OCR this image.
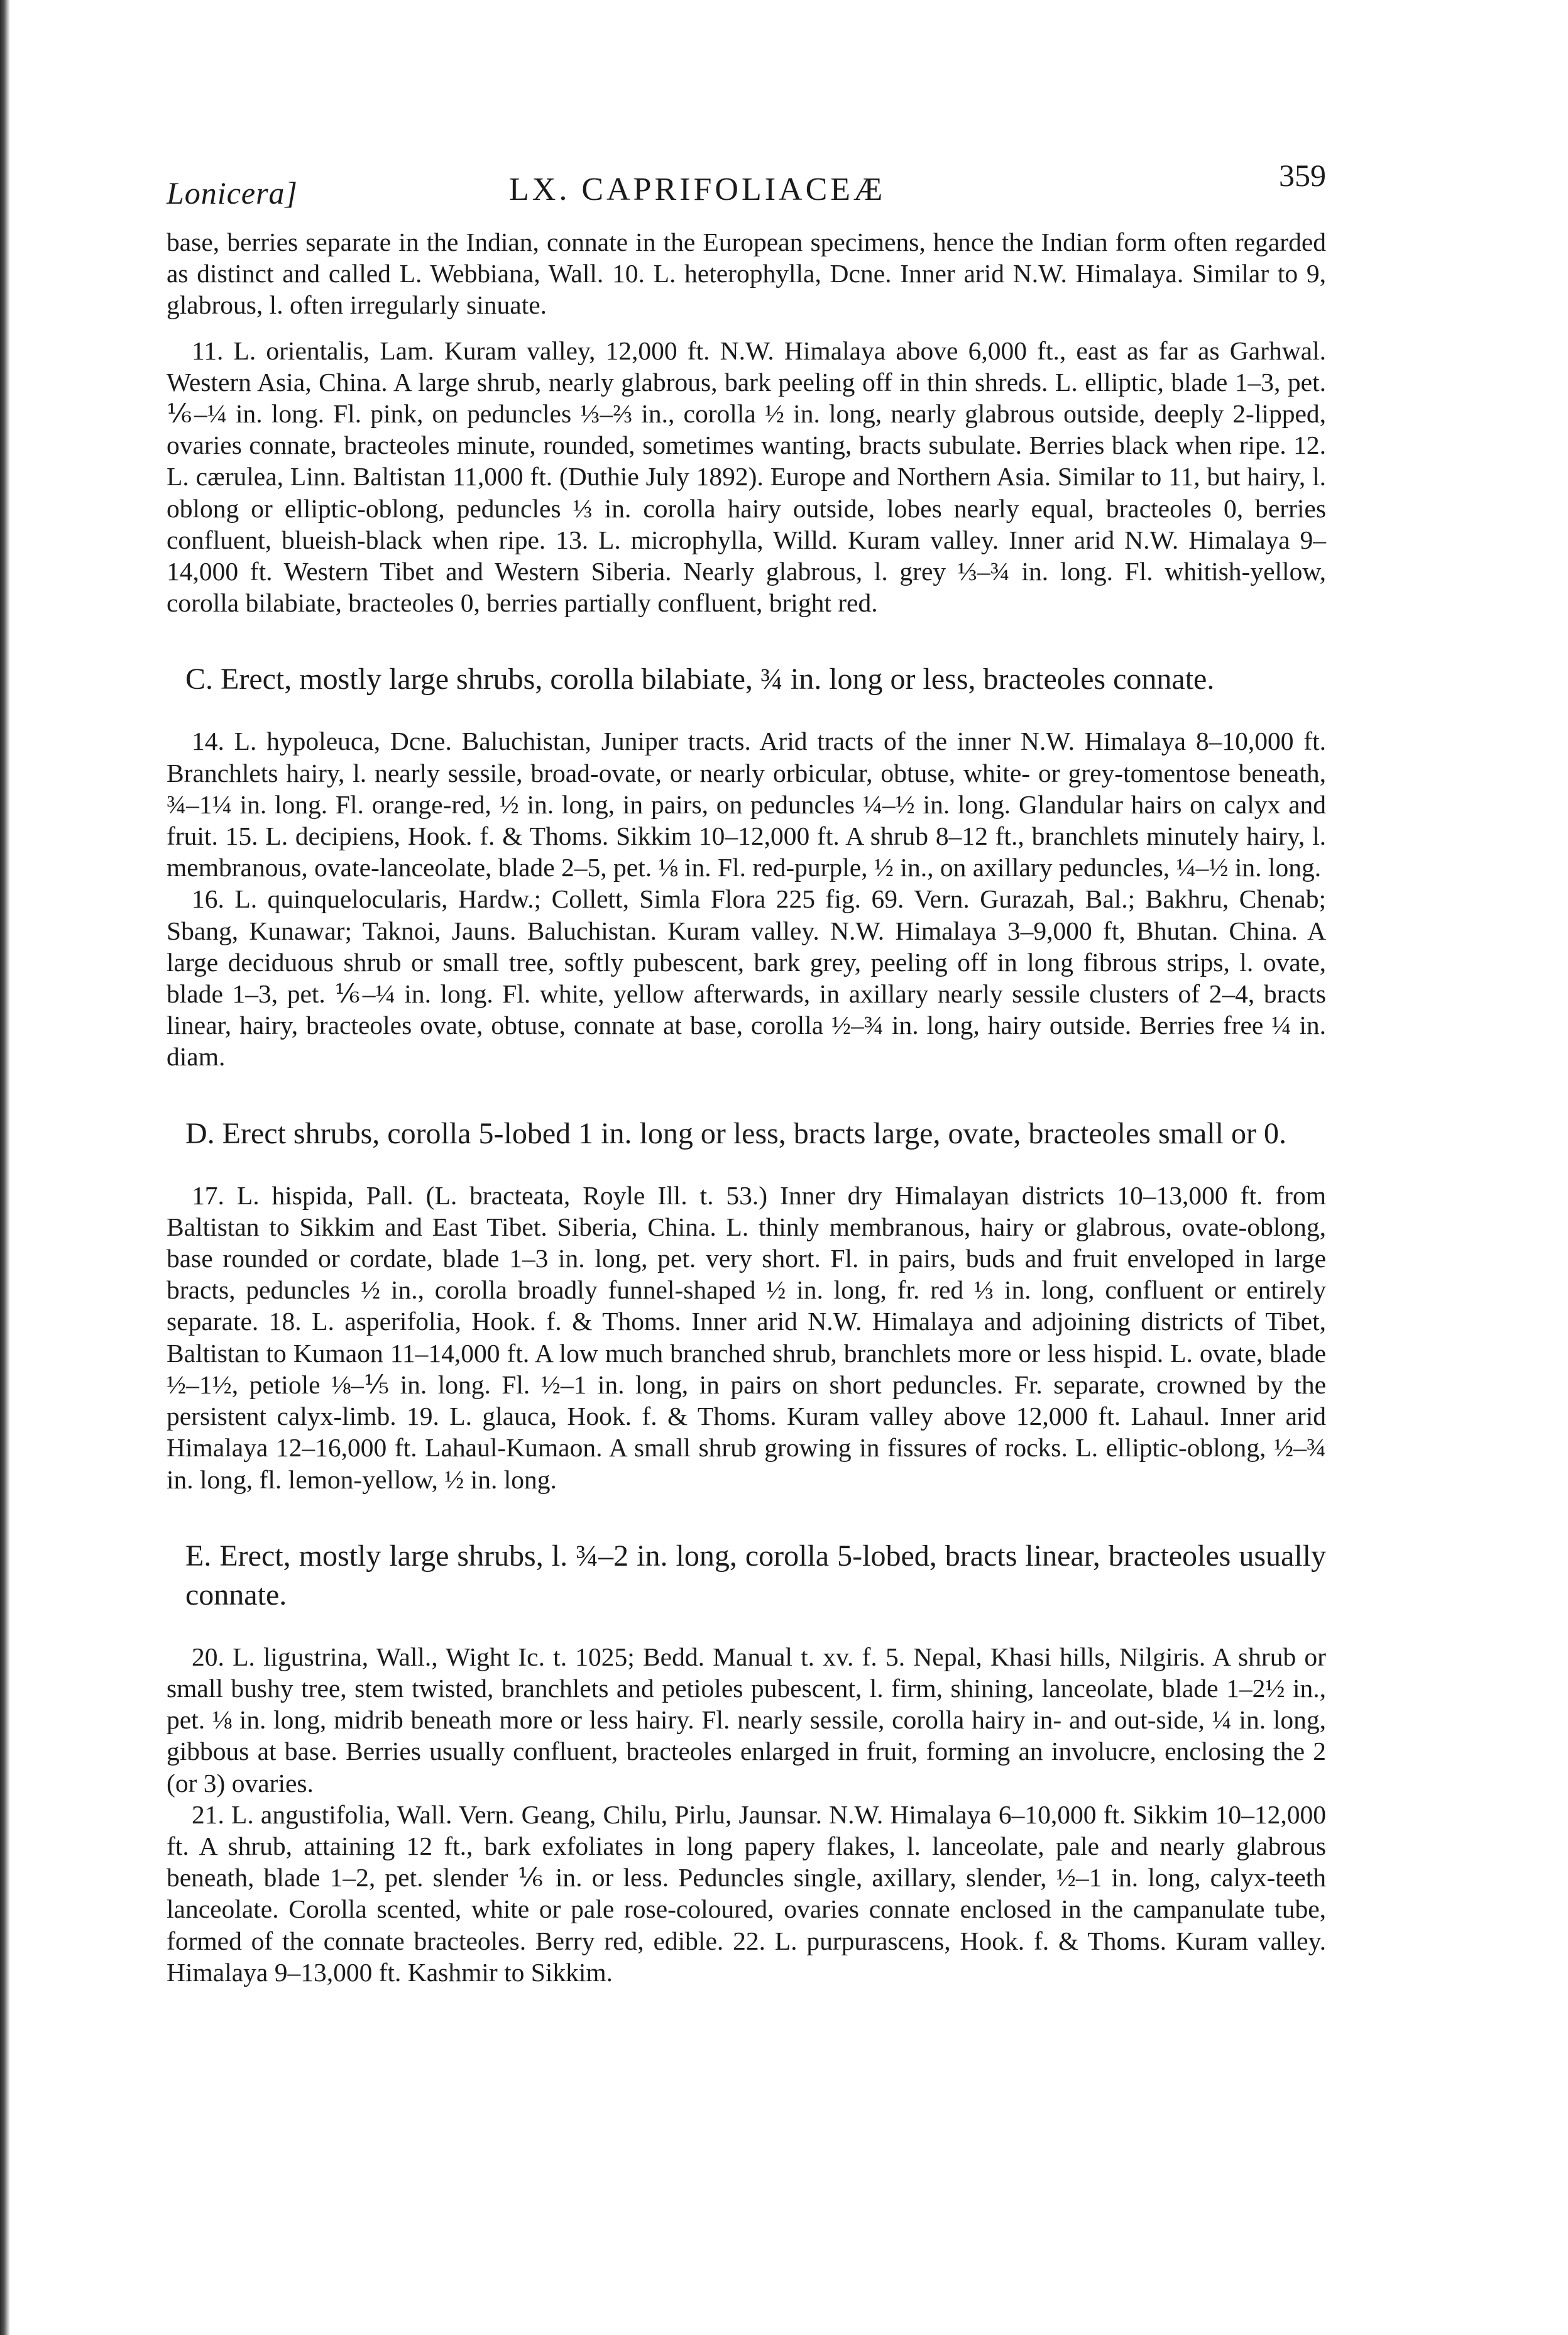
Lonicera]	LX. CAPRIFOLIACEÆ	359

base, berries separate in the Indian, connate in the European specimens, hence the Indian form often regarded as distinct and called L. Webbiana, Wall. 10. L. heterophylla, Dcne. Inner arid N.W. Himalaya. Similar to 9, glabrous, l. often irregularly sinuate.

11. L. orientalis, Lam. Kuram valley, 12,000 ft. N.W. Himalaya above 6,000 ft., east as far as Garhwal. Western Asia, China. A large shrub, nearly glabrous, bark peeling off in thin shreds. L. elliptic, blade 1–3, pet. ⅙–¼ in. long. Fl. pink, on peduncles ⅓–⅔ in., corolla ½ in. long, nearly glabrous outside, deeply 2-lipped, ovaries connate, bracteoles minute, rounded, sometimes wanting, bracts subulate. Berries black when ripe. 12. L. cærulea, Linn. Baltistan 11,000 ft. (Duthie July 1892). Europe and Northern Asia. Similar to 11, but hairy, l. oblong or elliptic-oblong, peduncles ⅓ in. corolla hairy outside, lobes nearly equal, bracteoles 0, berries confluent, blueish-black when ripe. 13. L. microphylla, Willd. Kuram valley. Inner arid N.W. Himalaya 9–14,000 ft. Western Tibet and Western Siberia. Nearly glabrous, l. grey ⅓–¾ in. long. Fl. whitish-yellow, corolla bilabiate, bracteoles 0, berries partially confluent, bright red.

C. Erect, mostly large shrubs, corolla bilabiate, ¾ in. long or less, bracteoles connate.

14. L. hypoleuca, Dcne. Baluchistan, Juniper tracts. Arid tracts of the inner N.W. Himalaya 8–10,000 ft. Branchlets hairy, l. nearly sessile, broad-ovate, or nearly orbicular, obtuse, white- or grey-tomentose beneath, ¾–1¼ in. long. Fl. orange-red, ½ in. long, in pairs, on peduncles ¼–½ in. long. Glandular hairs on calyx and fruit. 15. L. decipiens, Hook. f. & Thoms. Sikkim 10–12,000 ft. A shrub 8–12 ft., branchlets minutely hairy, l. membranous, ovate-lanceolate, blade 2–5, pet. ⅛ in. Fl. red-purple, ½ in., on axillary peduncles, ¼–½ in. long.

16. L. quinquelocularis, Hardw.; Collett, Simla Flora 225 fig. 69. Vern. Gurazah, Bal.; Bakhru, Chenab; Sbang, Kunawar; Taknoi, Jauns. Baluchistan. Kuram valley. N.W. Himalaya 3–9,000 ft, Bhutan. China. A large deciduous shrub or small tree, softly pubescent, bark grey, peeling off in long fibrous strips, l. ovate, blade 1–3, pet. ⅙–¼ in. long. Fl. white, yellow afterwards, in axillary nearly sessile clusters of 2–4, bracts linear, hairy, bracteoles ovate, obtuse, connate at base, corolla ½–¾ in. long, hairy outside. Berries free ¼ in. diam.

D. Erect shrubs, corolla 5-lobed 1 in. long or less, bracts large, ovate, bracteoles small or 0.

17. L. hispida, Pall. (L. bracteata, Royle Ill. t. 53.) Inner dry Himalayan districts 10–13,000 ft. from Baltistan to Sikkim and East Tibet. Siberia, China. L. thinly membranous, hairy or glabrous, ovate-oblong, base rounded or cordate, blade 1–3 in. long, pet. very short. Fl. in pairs, buds and fruit enveloped in large bracts, peduncles ½ in., corolla broadly funnel-shaped ½ in. long, fr. red ⅓ in. long, confluent or entirely separate. 18. L. asperifolia, Hook. f. & Thoms. Inner arid N.W. Himalaya and adjoining districts of Tibet, Baltistan to Kumaon 11–14,000 ft. A low much branched shrub, branchlets more or less hispid. L. ovate, blade ½–1½, petiole ⅛–⅕ in. long. Fl. ½–1 in. long, in pairs on short peduncles. Fr. separate, crowned by the persistent calyx-limb. 19. L. glauca, Hook. f. & Thoms. Kuram valley above 12,000 ft. Lahaul. Inner arid Himalaya 12–16,000 ft. Lahaul-Kumaon. A small shrub growing in fissures of rocks. L. elliptic-oblong, ½–¾ in. long, fl. lemon-yellow, ½ in. long.

E. Erect, mostly large shrubs, l. ¾–2 in. long, corolla 5-lobed, bracts linear, bracteoles usually connate.

20. L. ligustrina, Wall., Wight Ic. t. 1025; Bedd. Manual t. xv. f. 5. Nepal, Khasi hills, Nilgiris. A shrub or small bushy tree, stem twisted, branchlets and petioles pubescent, l. firm, shining, lanceolate, blade 1–2½ in., pet. ⅛ in. long, midrib beneath more or less hairy. Fl. nearly sessile, corolla hairy in- and out-side, ¼ in. long, gibbous at base. Berries usually confluent, bracteoles enlarged in fruit, forming an involucre, enclosing the 2 (or 3) ovaries.

21. L. angustifolia, Wall. Vern. Geang, Chilu, Pirlu, Jaunsar. N.W. Himalaya 6–10,000 ft. Sikkim 10–12,000 ft. A shrub, attaining 12 ft., bark exfoliates in long papery flakes, l. lanceolate, pale and nearly glabrous beneath, blade 1–2, pet. slender ⅙ in. or less. Peduncles single, axillary, slender, ½–1 in. long, calyx-teeth lanceolate. Corolla scented, white or pale rose-coloured, ovaries connate enclosed in the campanulate tube, formed of the connate bracteoles. Berry red, edible. 22. L. purpurascens, Hook. f. & Thoms. Kuram valley. Himalaya 9–13,000 ft. Kashmir to Sikkim.
